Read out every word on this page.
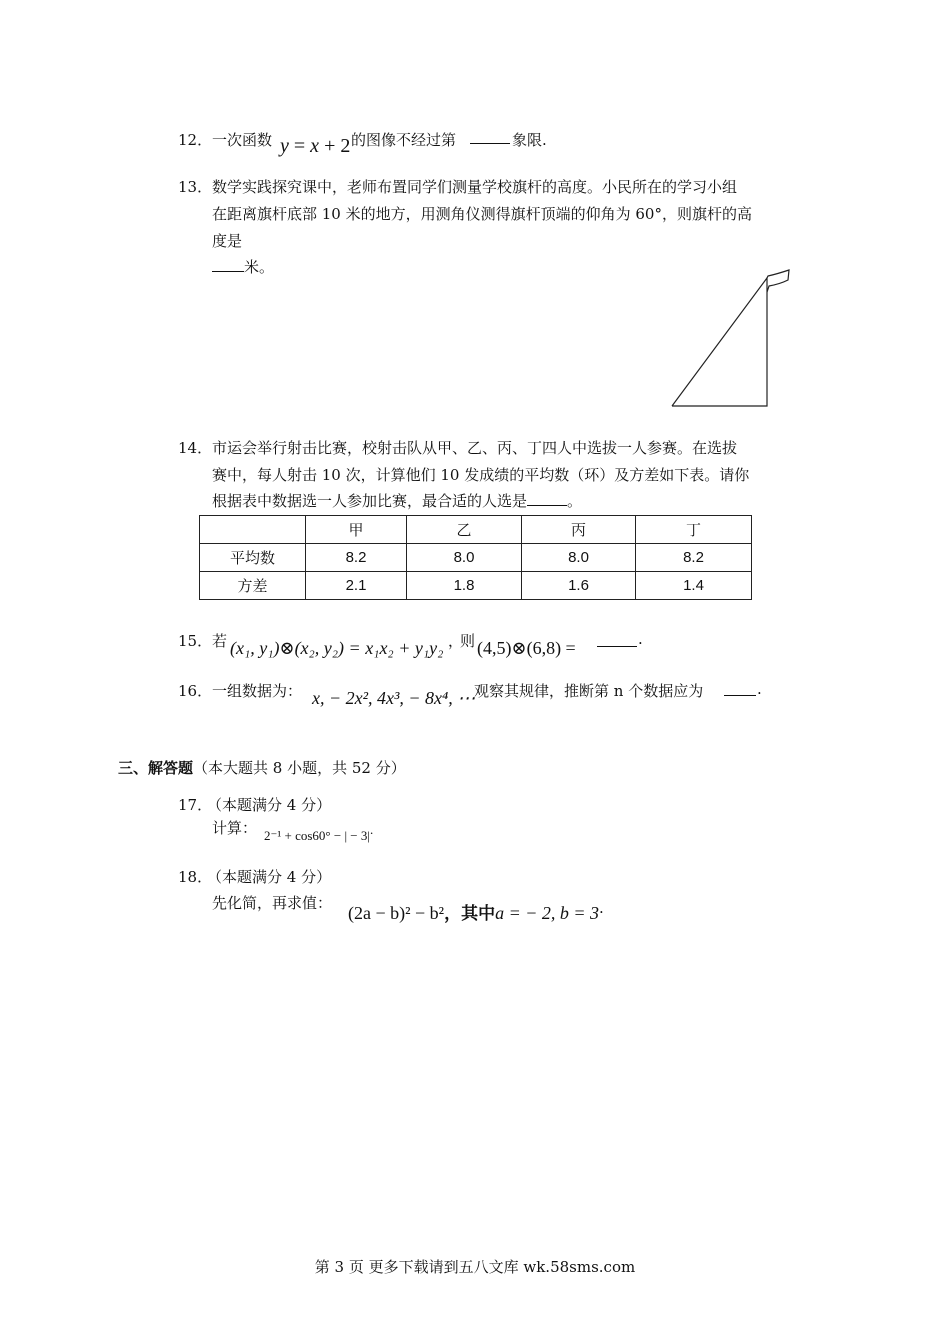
12． 一次函数 y = x + 2 的图像不经过第	象限.
13． 数学实践探究课中，老师布置同学们测量学校旗杆的高度。小民所在的学习小组
在距离旗杆底部 10 米的地方，用测角仪测得旗杆顶端的仰角为 60°，则旗杆的高
度是
米。
14． 市运会举行射击比赛，校射击队从甲、乙、丙、丁四人中选拔一人参赛。在选拔
赛中，每人射击 10 次，计算他们 10 发成绩的平均数（环）及方差如下表。请你
根据表中数据选一人参加比赛，最合适的人选是	。
	甲	乙	丙	丁
平均数	8.2	8.0	8.0	8.2
方差	2.1	1.8	1.6	1.4
15． 若 (x₁, y₁)⊗(x₂, y₂) = x₁x₂ + y₁y₂ ，
则 (4,5)⊗(6,8) =	.
16． 一组数据为： x, − 2x², 4x³, − 8x⁴, ⋯
观察其规律，推断第 n 个数据应为	.
三、解答题（本大题共 8 小题，共 52 分）
17．
（本题满分 4 分）
计算： 2⁻¹ + cos60° − | − 3|.
18．
（本题满分 4 分）
先化简，再求值： (2a − b)² − b²，其中a = − 2, b = 3.
第 3 页 更多下载请到五八文库 wk.58sms.com
